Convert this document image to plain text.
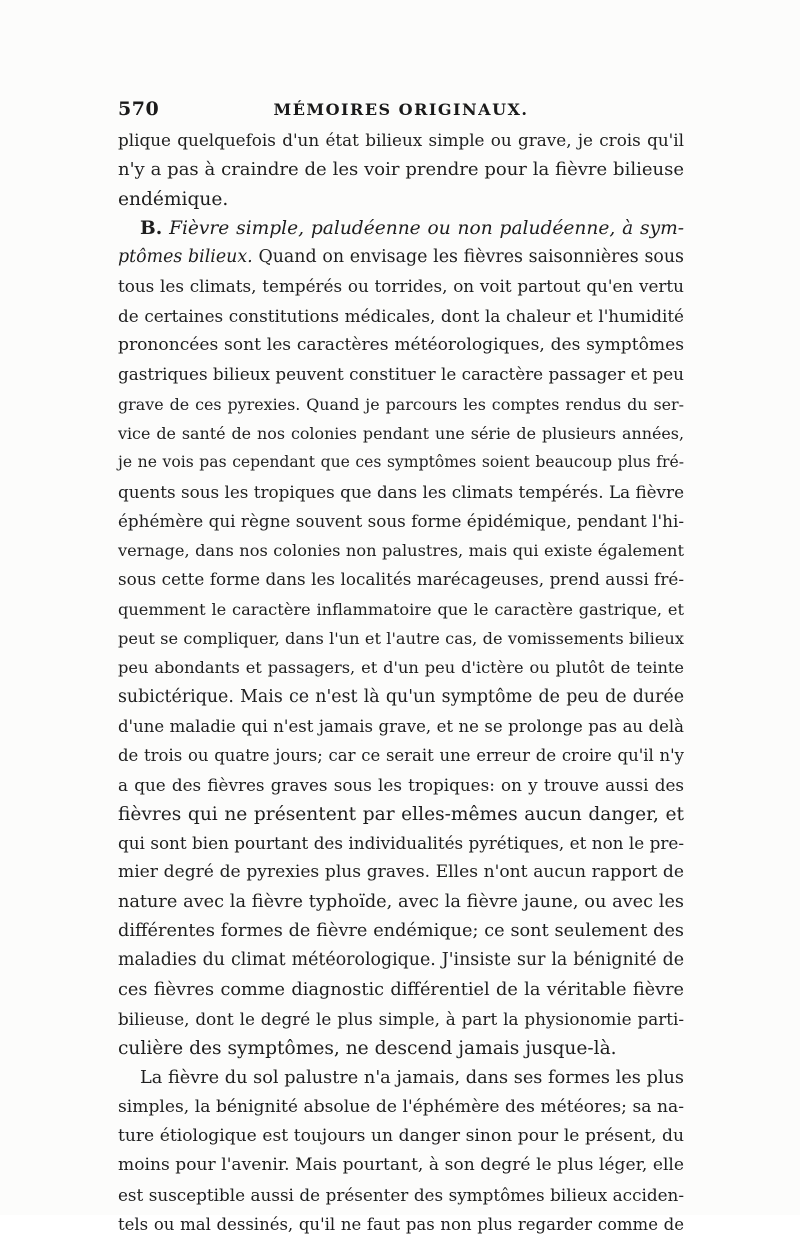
570	MÉMOIRES ORIGINAUX.
plique quelquefois d'un état bilieux simple ou grave, je crois qu'il
n'y a pas à craindre de les voir prendre pour la fièvre bilieuse
endémique.
B. Fièvre simple, paludéenne ou non paludéenne, à sym-
ptômes bilieux. Quand on envisage les fièvres saisonnières sous
tous les climats, tempérés ou torrides, on voit partout qu'en vertu
de certaines constitutions médicales, dont la chaleur et l'humidité
prononcées sont les caractères météorologiques, des symptômes
gastriques bilieux peuvent constituer le caractère passager et peu
grave de ces pyrexies. Quand je parcours les comptes rendus du ser-
vice de santé de nos colonies pendant une série de plusieurs années,
je ne vois pas cependant que ces symptômes soient beaucoup plus fré-
quents sous les tropiques que dans les climats tempérés. La fièvre
éphémère qui règne souvent sous forme épidémique, pendant l'hi-
vernage, dans nos colonies non palustres, mais qui existe également
sous cette forme dans les localités marécageuses, prend aussi fré-
quemment le caractère inflammatoire que le caractère gastrique, et
peut se compliquer, dans l'un et l'autre cas, de vomissements bilieux
peu abondants et passagers, et d'un peu d'ictère ou plutôt de teinte
subictérique. Mais ce n'est là qu'un symptôme de peu de durée
d'une maladie qui n'est jamais grave, et ne se prolonge pas au delà
de trois ou quatre jours; car ce serait une erreur de croire qu'il n'y
a que des fièvres graves sous les tropiques: on y trouve aussi des
fièvres qui ne présentent par elles-mêmes aucun danger, et
qui sont bien pourtant des individualités pyrétiques, et non le pre-
mier degré de pyrexies plus graves. Elles n'ont aucun rapport de
nature avec la fièvre typhoïde, avec la fièvre jaune, ou avec les
différentes formes de fièvre endémique; ce sont seulement des
maladies du climat météorologique. J'insiste sur la bénignité de
ces fièvres comme diagnostic différentiel de la véritable fièvre
bilieuse, dont le degré le plus simple, à part la physionomie parti-
culière des symptômes, ne descend jamais jusque-là.
La fièvre du sol palustre n'a jamais, dans ses formes les plus
simples, la bénignité absolue de l'éphémère des météores; sa na-
ture étiologique est toujours un danger sinon pour le présent, du
moins pour l'avenir. Mais pourtant, à son degré le plus léger, elle
est susceptible aussi de présenter des symptômes bilieux acciden-
tels ou mal dessinés, qu'il ne faut pas non plus regarder comme de
